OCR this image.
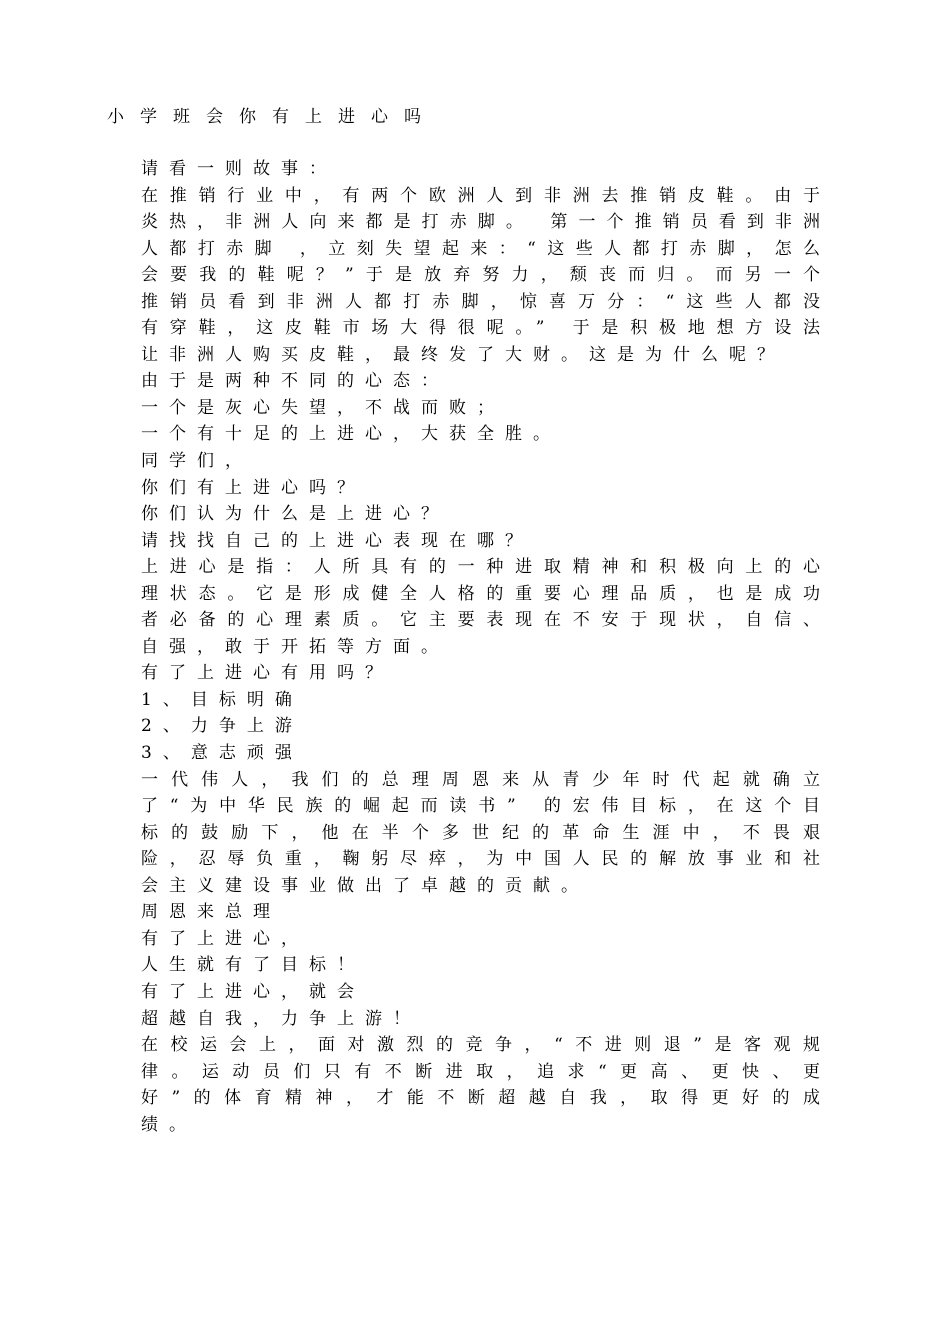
小学班会你有上进心吗

请看一则故事：

在推销行业中，有两个欧洲人到非洲去推销皮鞋。由于炎热，非洲人向来都是打赤脚。 第一个推销员看到非洲人都打赤脚 ，立刻失望起来：“这些人都打赤脚，怎么会要我的鞋呢？”于是放弃努力，颓丧而归。而另一个推销员看到非洲人都打赤脚，惊喜万分：“这些人都没有穿鞋，这皮鞋市场大得很呢。” 于是积极地想方设法让非洲人购买皮鞋，最终发了大财。这是为什么呢？

由于是两种不同的心态：

一个是灰心失望，不战而败；

一个有十足的上进心，大获全胜。

同学们，

你们有上进心吗？

你们认为什么是上进心？

请找找自己的上进心表现在哪？

上进心是指：人所具有的一种进取精神和积极向上的心理状态。它是形成健全人格的重要心理品质，也是成功者必备的心理素质。它主要表现在不安于现状，自信、自强，敢于开拓等方面。

有了上进心有用吗？

1、目标明确

2、力争上游

3、意志顽强

一代伟人，我们的总理周恩来从青少年时代起就确立了“为中华民族的崛起而读书” 的宏伟目标，在这个目标的鼓励下，他在半个多世纪的革命生涯中，不畏艰险，忍辱负重，鞠躬尽瘁，为中国人民的解放事业和社会主义建设事业做出了卓越的贡献。

周恩来总理

有了上进心，

人生就有了目标！

有了上进心，就会

超越自我，力争上游！

在校运会上，面对激烈的竞争，“不进则退”是客观规律。运动员们只有不断进取，追求“更高、更快、更好”的体育精神，才能不断超越自我，取得更好的成绩。
